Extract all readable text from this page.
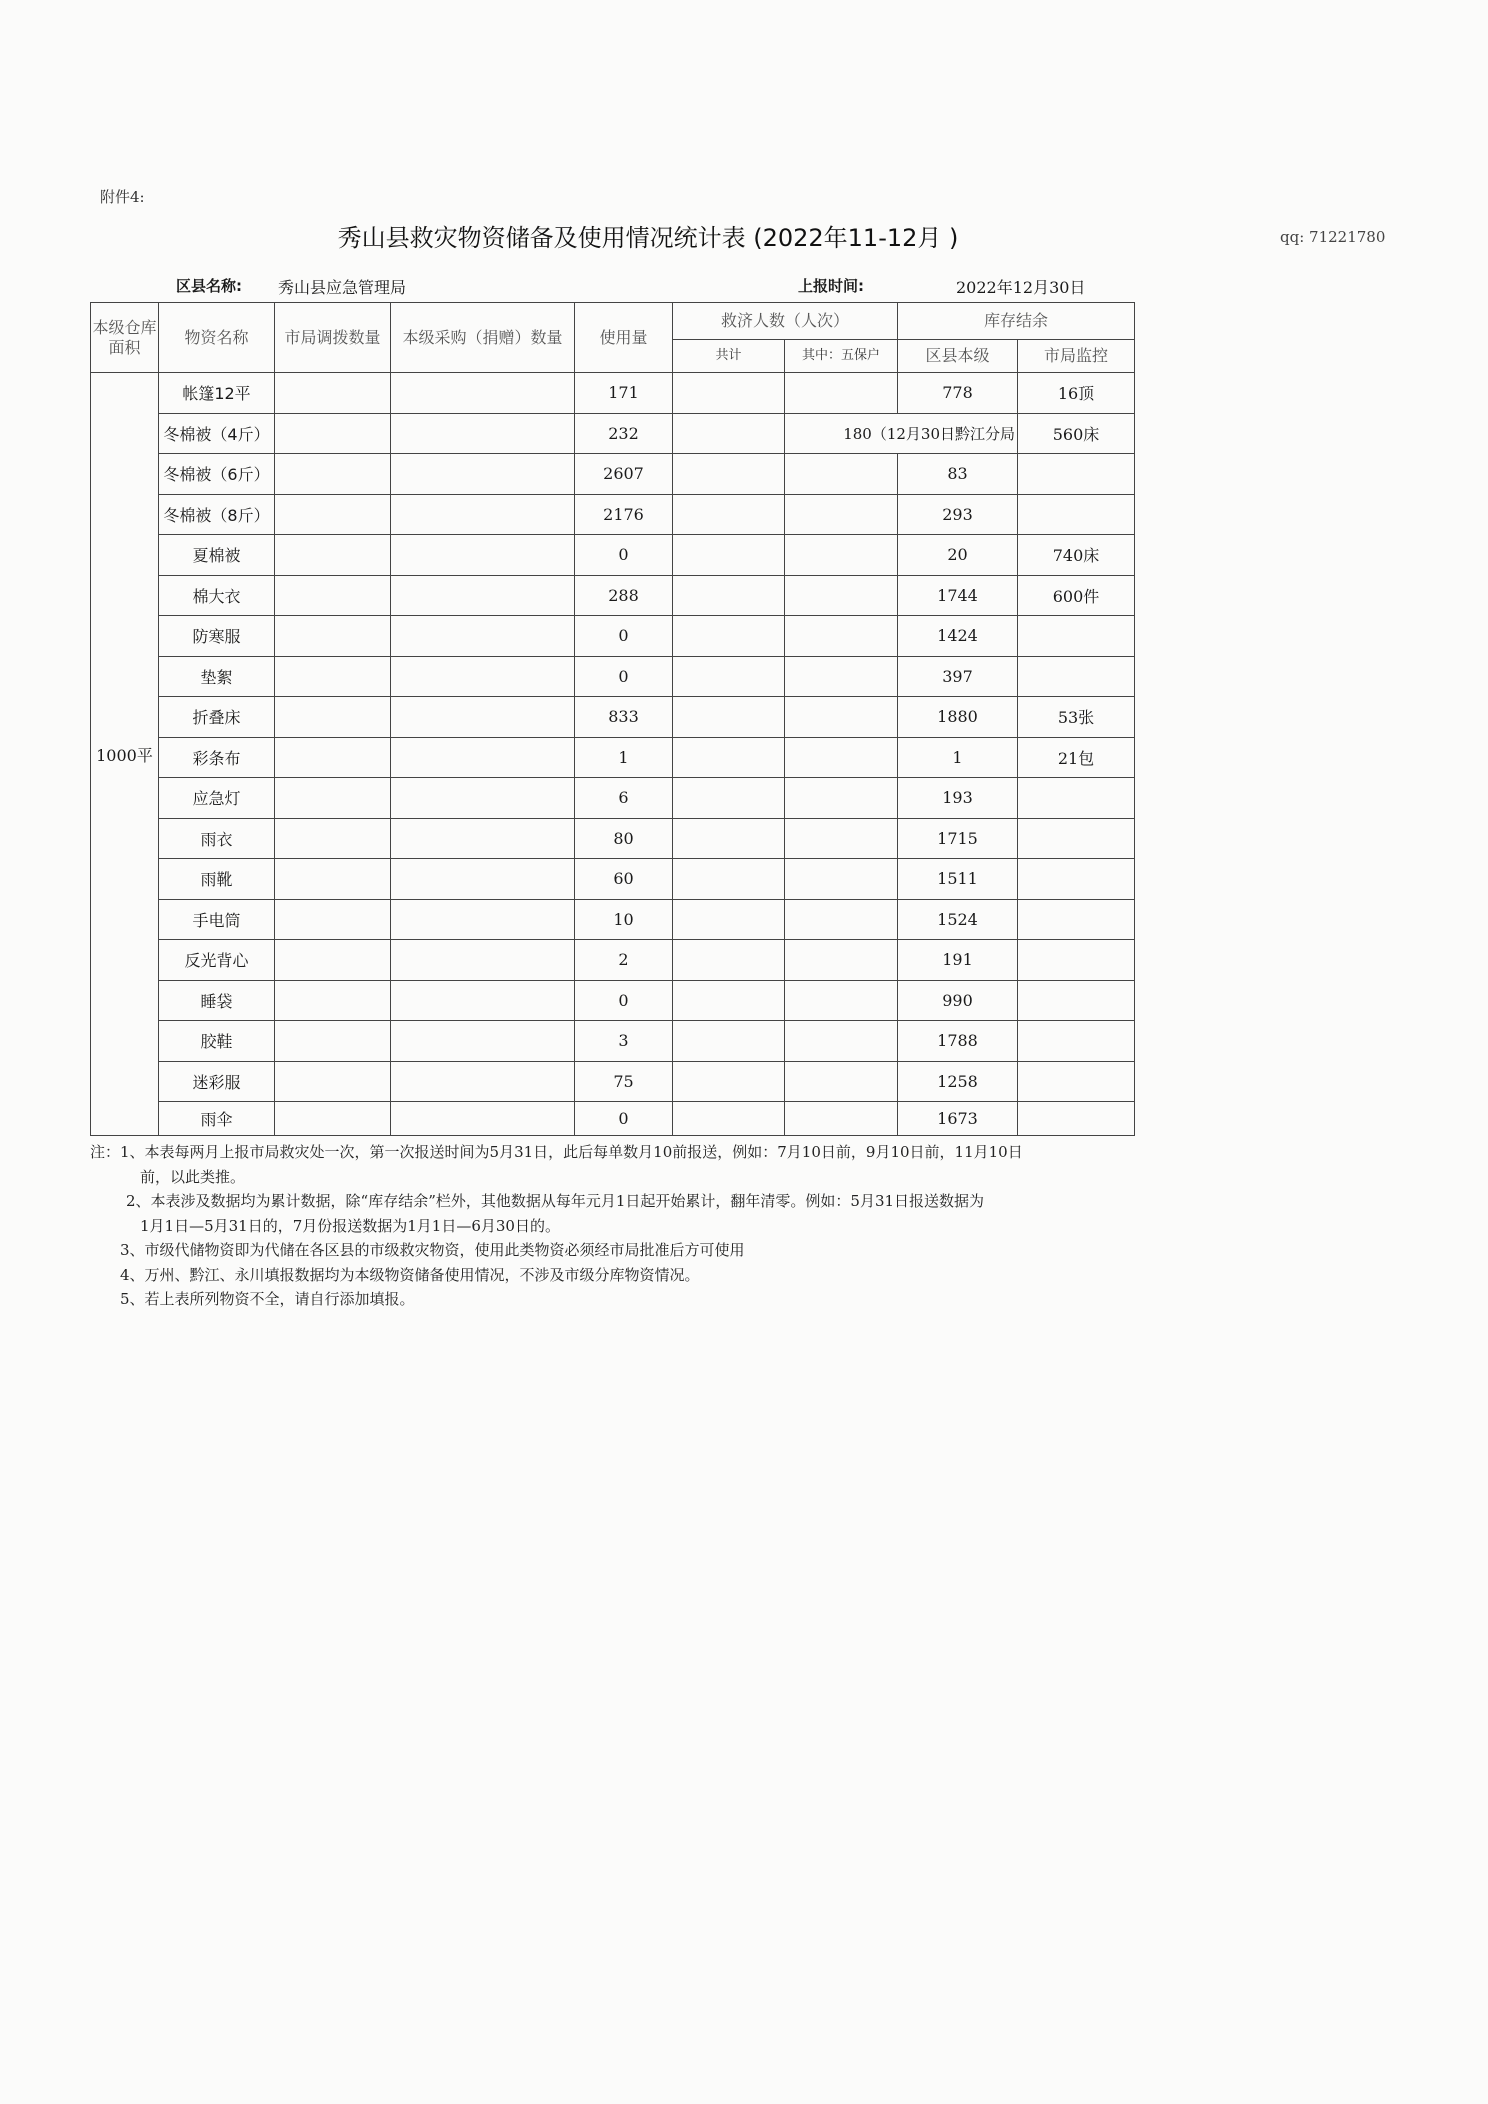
附件4:
秀山县救灾物资储备及使用情况统计表 (2022年11-12月 )	qq: 71221780
区县名称: 秀山县应急管理局	上报时间:	2022年12月30日
本级仓库面积	物资名称	市局调拨数量	本级采购（捐赠）数量	使用量	救济人数（人次）		库存结余	
					共计	其中：五保户	区县本级	市局监控
1000平	帐篷12平			171			778	16顶
	冬棉被（4斤）			232		180（12月30日黔江分局		560床
	冬棉被（6斤）			2607			83	
	冬棉被（8斤）			2176			293	
	夏棉被			0			20	740床
	棉大衣			288			1744	600件
	防寒服			0			1424	
	垫絮			0			397	
	折叠床			833			1880	53张
	彩条布			1			1	21包
	应急灯			6			193	
	雨衣			80			1715	
	雨靴			60			1511	
	手电筒			10			1524	
	反光背心			2			191	
	睡袋			0			990	
	胶鞋			3			1788	
	迷彩服			75			1258	
	雨伞			0			1673	
注：1、本表每两月上报市局救灾处一次，第一次报送时间为5月31日，此后每单数月10前报送，例如：7月10日前，9月10日前，11月10日
前，以此类推。
2、本表涉及数据均为累计数据，除“库存结余”栏外，其他数据从每年元月1日起开始累计，翻年清零。例如：5月31日报送数据为
1月1日—5月31日的，7月份报送数据为1月1日—6月30日的。
3、市级代储物资即为代储在各区县的市级救灾物资，使用此类物资必须经市局批准后方可使用
4、万州、黔江、永川填报数据均为本级物资储备使用情况，不涉及市级分库物资情况。
5、若上表所列物资不全，请自行添加填报。
